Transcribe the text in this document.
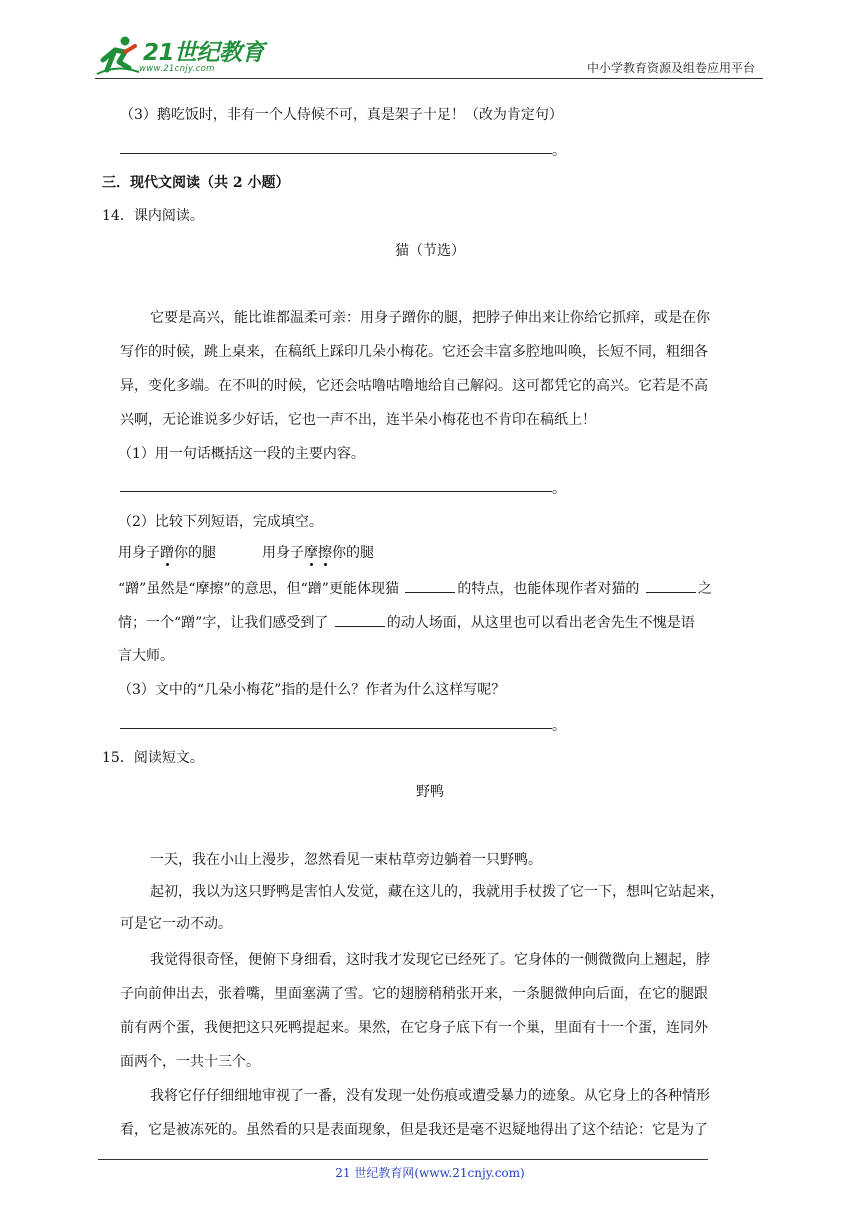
21世纪教育
www.21cnjy.com	中小学教育资源及组卷应用平台
（3）鹅吃饭时，非有一个人侍候不可，真是架子十足！（改为肯定句）
。
三．现代文阅读（共 2 小题）
14．课内阅读。
猫（节选）
它要是高兴，能比谁都温柔可亲：用身子蹭你的腿，把脖子伸出来让你给它抓痒，或是在你
写作的时候，跳上桌来，在稿纸上踩印几朵小梅花。它还会丰富多腔地叫唤，长短不同，粗细各
异，变化多端。在不叫的时候，它还会咕噜咕噜地给自己解闷。这可都凭它的高兴。它若是不高
兴啊，无论谁说多少好话，它也一声不出，连半朵小梅花也不肯印在稿纸上！
（1）用一句话概括这一段的主要内容。
。
（2）比较下列短语，完成填空。
用身子蹭你的腿	用身子摩擦你的腿
“蹭”虽然是“摩擦”的意思，但“蹭”更能体现猫	的特点，也能体现作者对猫的	之
情；一个“蹭”字，让我们感受到了	的动人场面，从这里也可以看出老舍先生不愧是语
言大师。
（3）文中的“几朵小梅花”指的是什么？作者为什么这样写呢？
。
15．阅读短文。
野鸭
一天，我在小山上漫步，忽然看见一束枯草旁边躺着一只野鸭。
起初，我以为这只野鸭是害怕人发觉，藏在这儿的，我就用手杖拨了它一下，想叫它站起来，
可是它一动不动。
我觉得很奇怪，便俯下身细看，这时我才发现它已经死了。它身体的一侧微微向上翘起，脖
子向前伸出去，张着嘴，里面塞满了雪。它的翅膀稍稍张开来，一条腿微伸向后面，在它的腿跟
前有两个蛋，我便把这只死鸭提起来。果然，在它身子底下有一个巢，里面有十一个蛋，连同外
面两个，一共十三个。
我将它仔仔细细地审视了一番，没有发现一处伤痕或遭受暴力的迹象。从它身上的各种情形
看，它是被冻死的。虽然看的只是表面现象，但是我还是毫不迟疑地得出了这个结论：它是为了
21 世纪教育网(www.21cnjy.com)
